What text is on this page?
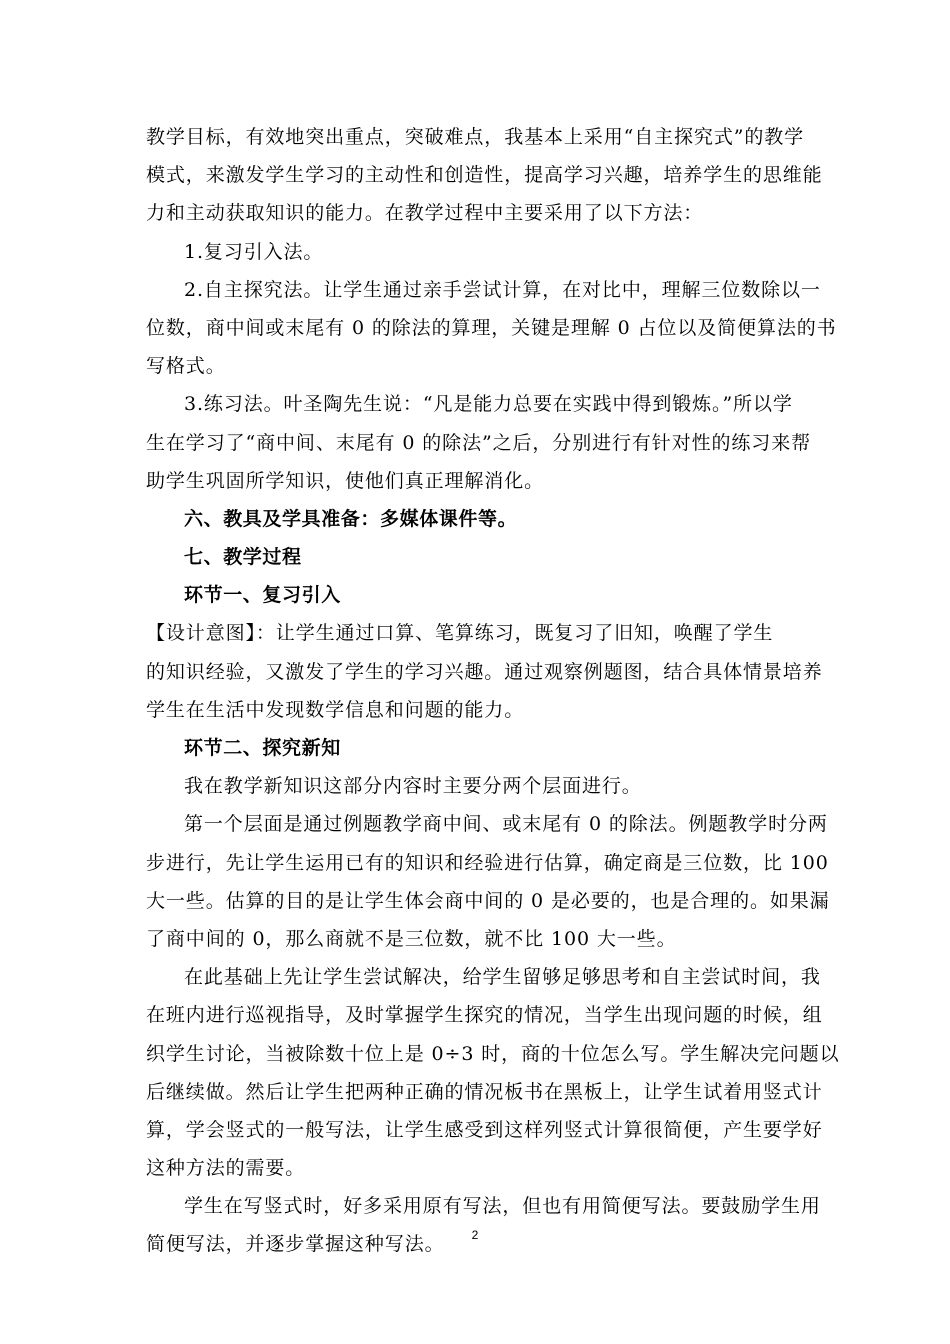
教学目标，有效地突出重点，突破难点，我基本上采用“自主探究式”的教学
模式，来激发学生学习的主动性和创造性，提高学习兴趣，培养学生的思维能
力和主动获取知识的能力。在教学过程中主要采用了以下方法：
1.复习引入法。
2.自主探究法。让学生通过亲手尝试计算，在对比中，理解三位数除以一
位数，商中间或末尾有 0 的除法的算理，关键是理解 0 占位以及简便算法的书
写格式。
3.练习法。叶圣陶先生说：“凡是能力总要在实践中得到锻炼。”所以学
生在学习了“商中间、末尾有 0 的除法”之后，分别进行有针对性的练习来帮
助学生巩固所学知识，使他们真正理解消化。
六、教具及学具准备：多媒体课件等。
七、教学过程
环节一、复习引入
【设计意图】：让学生通过口算、笔算练习，既复习了旧知，唤醒了学生
的知识经验，又激发了学生的学习兴趣。通过观察例题图，结合具体情景培养
学生在生活中发现数学信息和问题的能力。
环节二、探究新知
我在教学新知识这部分内容时主要分两个层面进行。
第一个层面是通过例题教学商中间、或末尾有 0 的除法。例题教学时分两
步进行，先让学生运用已有的知识和经验进行估算，确定商是三位数，比 100
大一些。估算的目的是让学生体会商中间的 0 是必要的，也是合理的。如果漏
了商中间的 0，那么商就不是三位数，就不比 100 大一些。
在此基础上先让学生尝试解决，给学生留够足够思考和自主尝试时间，我
在班内进行巡视指导，及时掌握学生探究的情况，当学生出现问题的时候，组
织学生讨论，当被除数十位上是 0÷3 时，商的十位怎么写。学生解决完问题以
后继续做。然后让学生把两种正确的情况板书在黑板上，让学生试着用竖式计
算，学会竖式的一般写法，让学生感受到这样列竖式计算很简便，产生要学好
这种方法的需要。
学生在写竖式时，好多采用原有写法，但也有用简便写法。要鼓励学生用
简便写法，并逐步掌握这种写法。	2
